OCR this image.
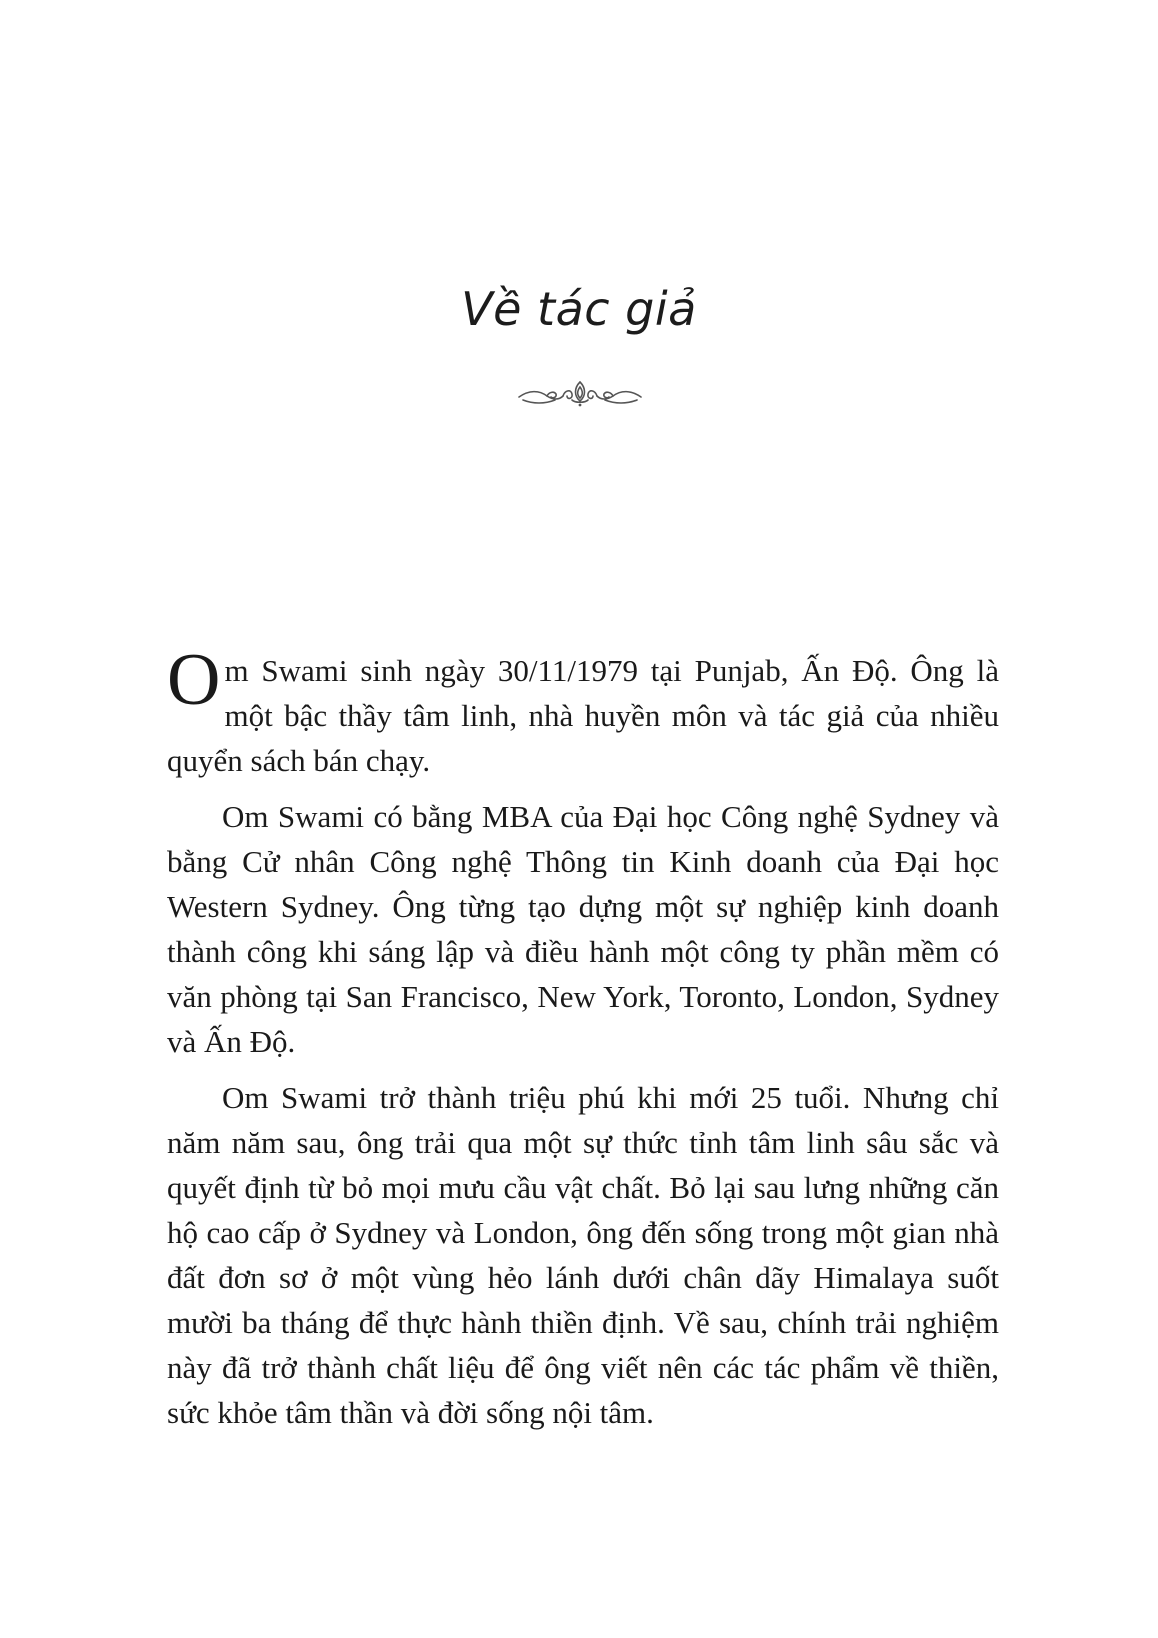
Về tác giả

Om Swami sinh ngày 30/11/1979 tại Punjab, Ấn Độ. Ông là một bậc thầy tâm linh, nhà huyền môn và tác giả của nhiều quyển sách bán chạy.

Om Swami có bằng MBA của Đại học Công nghệ Sydney và bằng Cử nhân Công nghệ Thông tin Kinh doanh của Đại học Western Sydney. Ông từng tạo dựng một sự nghiệp kinh doanh thành công khi sáng lập và điều hành một công ty phần mềm có văn phòng tại San Francisco, New York, Toronto, London, Sydney và Ấn Độ.

Om Swami trở thành triệu phú khi mới 25 tuổi. Nhưng chỉ năm năm sau, ông trải qua một sự thức tỉnh tâm linh sâu sắc và quyết định từ bỏ mọi mưu cầu vật chất. Bỏ lại sau lưng những căn hộ cao cấp ở Sydney và London, ông đến sống trong một gian nhà đất đơn sơ ở một vùng hẻo lánh dưới chân dãy Himalaya suốt mười ba tháng để thực hành thiền định. Về sau, chính trải nghiệm này đã trở thành chất liệu để ông viết nên các tác phẩm về thiền, sức khỏe tâm thần và đời sống nội tâm.
